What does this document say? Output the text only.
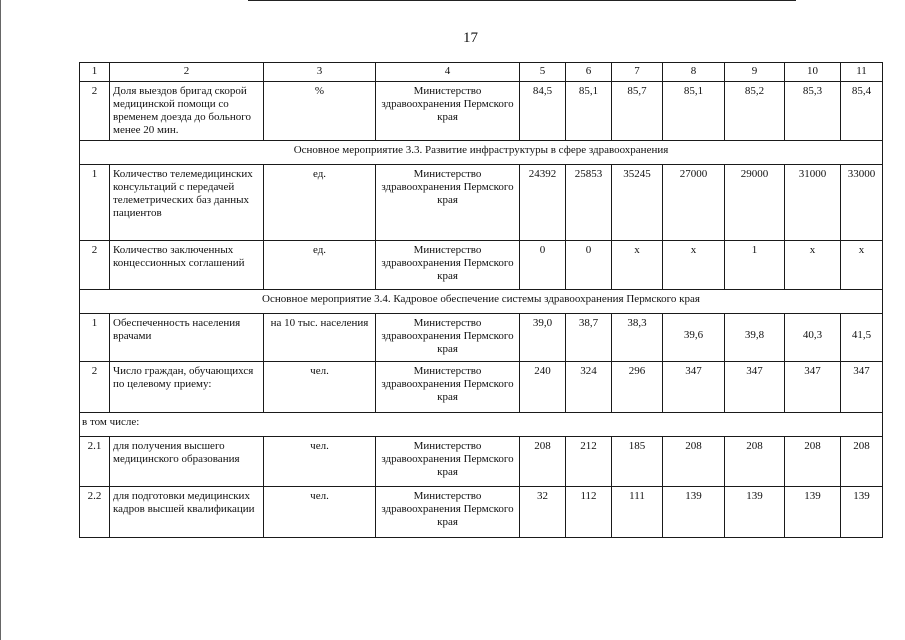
17
1	2	3	4	5	6	7	8	9	10	11
2	Доля выездов бригад скорой медицинской помощи со временем доезда до больного менее 20 мин.	%	Министерство здравоохранения Пермского края	84,5	85,1	85,7	85,1	85,2	85,3	85,4
Основное мероприятие 3.3. Развитие инфраструктуры в сфере здравоохранения										
1	Количество телемедицинских консультаций с передачей телеметрических баз данных пациентов	ед.	Министерство здравоохранения Пермского края	24392	25853	35245	27000	29000	31000	33000
2	Количество заключенных концессионных соглашений	ед.	Министерство здравоохранения Пермского края	0	0	x	x	1	x	x
Основное мероприятие 3.4. Кадровое обеспечение системы здравоохранения Пермского края										
1	Обеспеченность населения врачами	на 10 тыс. населения	Министерство здравоохранения Пермского края	39,0	38,7	38,3	39,6	39,8	40,3	41,5

2	Число граждан, обучающихся по целевому приему:	чел.	Министерство здравоохранения Пермского края	240	324	296	347	347	347	347
в том числе:										
2.1	для получения высшего медицинского образования	чел.	Министерство здравоохранения Пермского края	208	212	185	208	208	208	208
2.2	для подготовки медицинских кадров высшей квалификации	чел.	Министерство здравоохранения Пермского края	32	112	111	139	139	139	139
